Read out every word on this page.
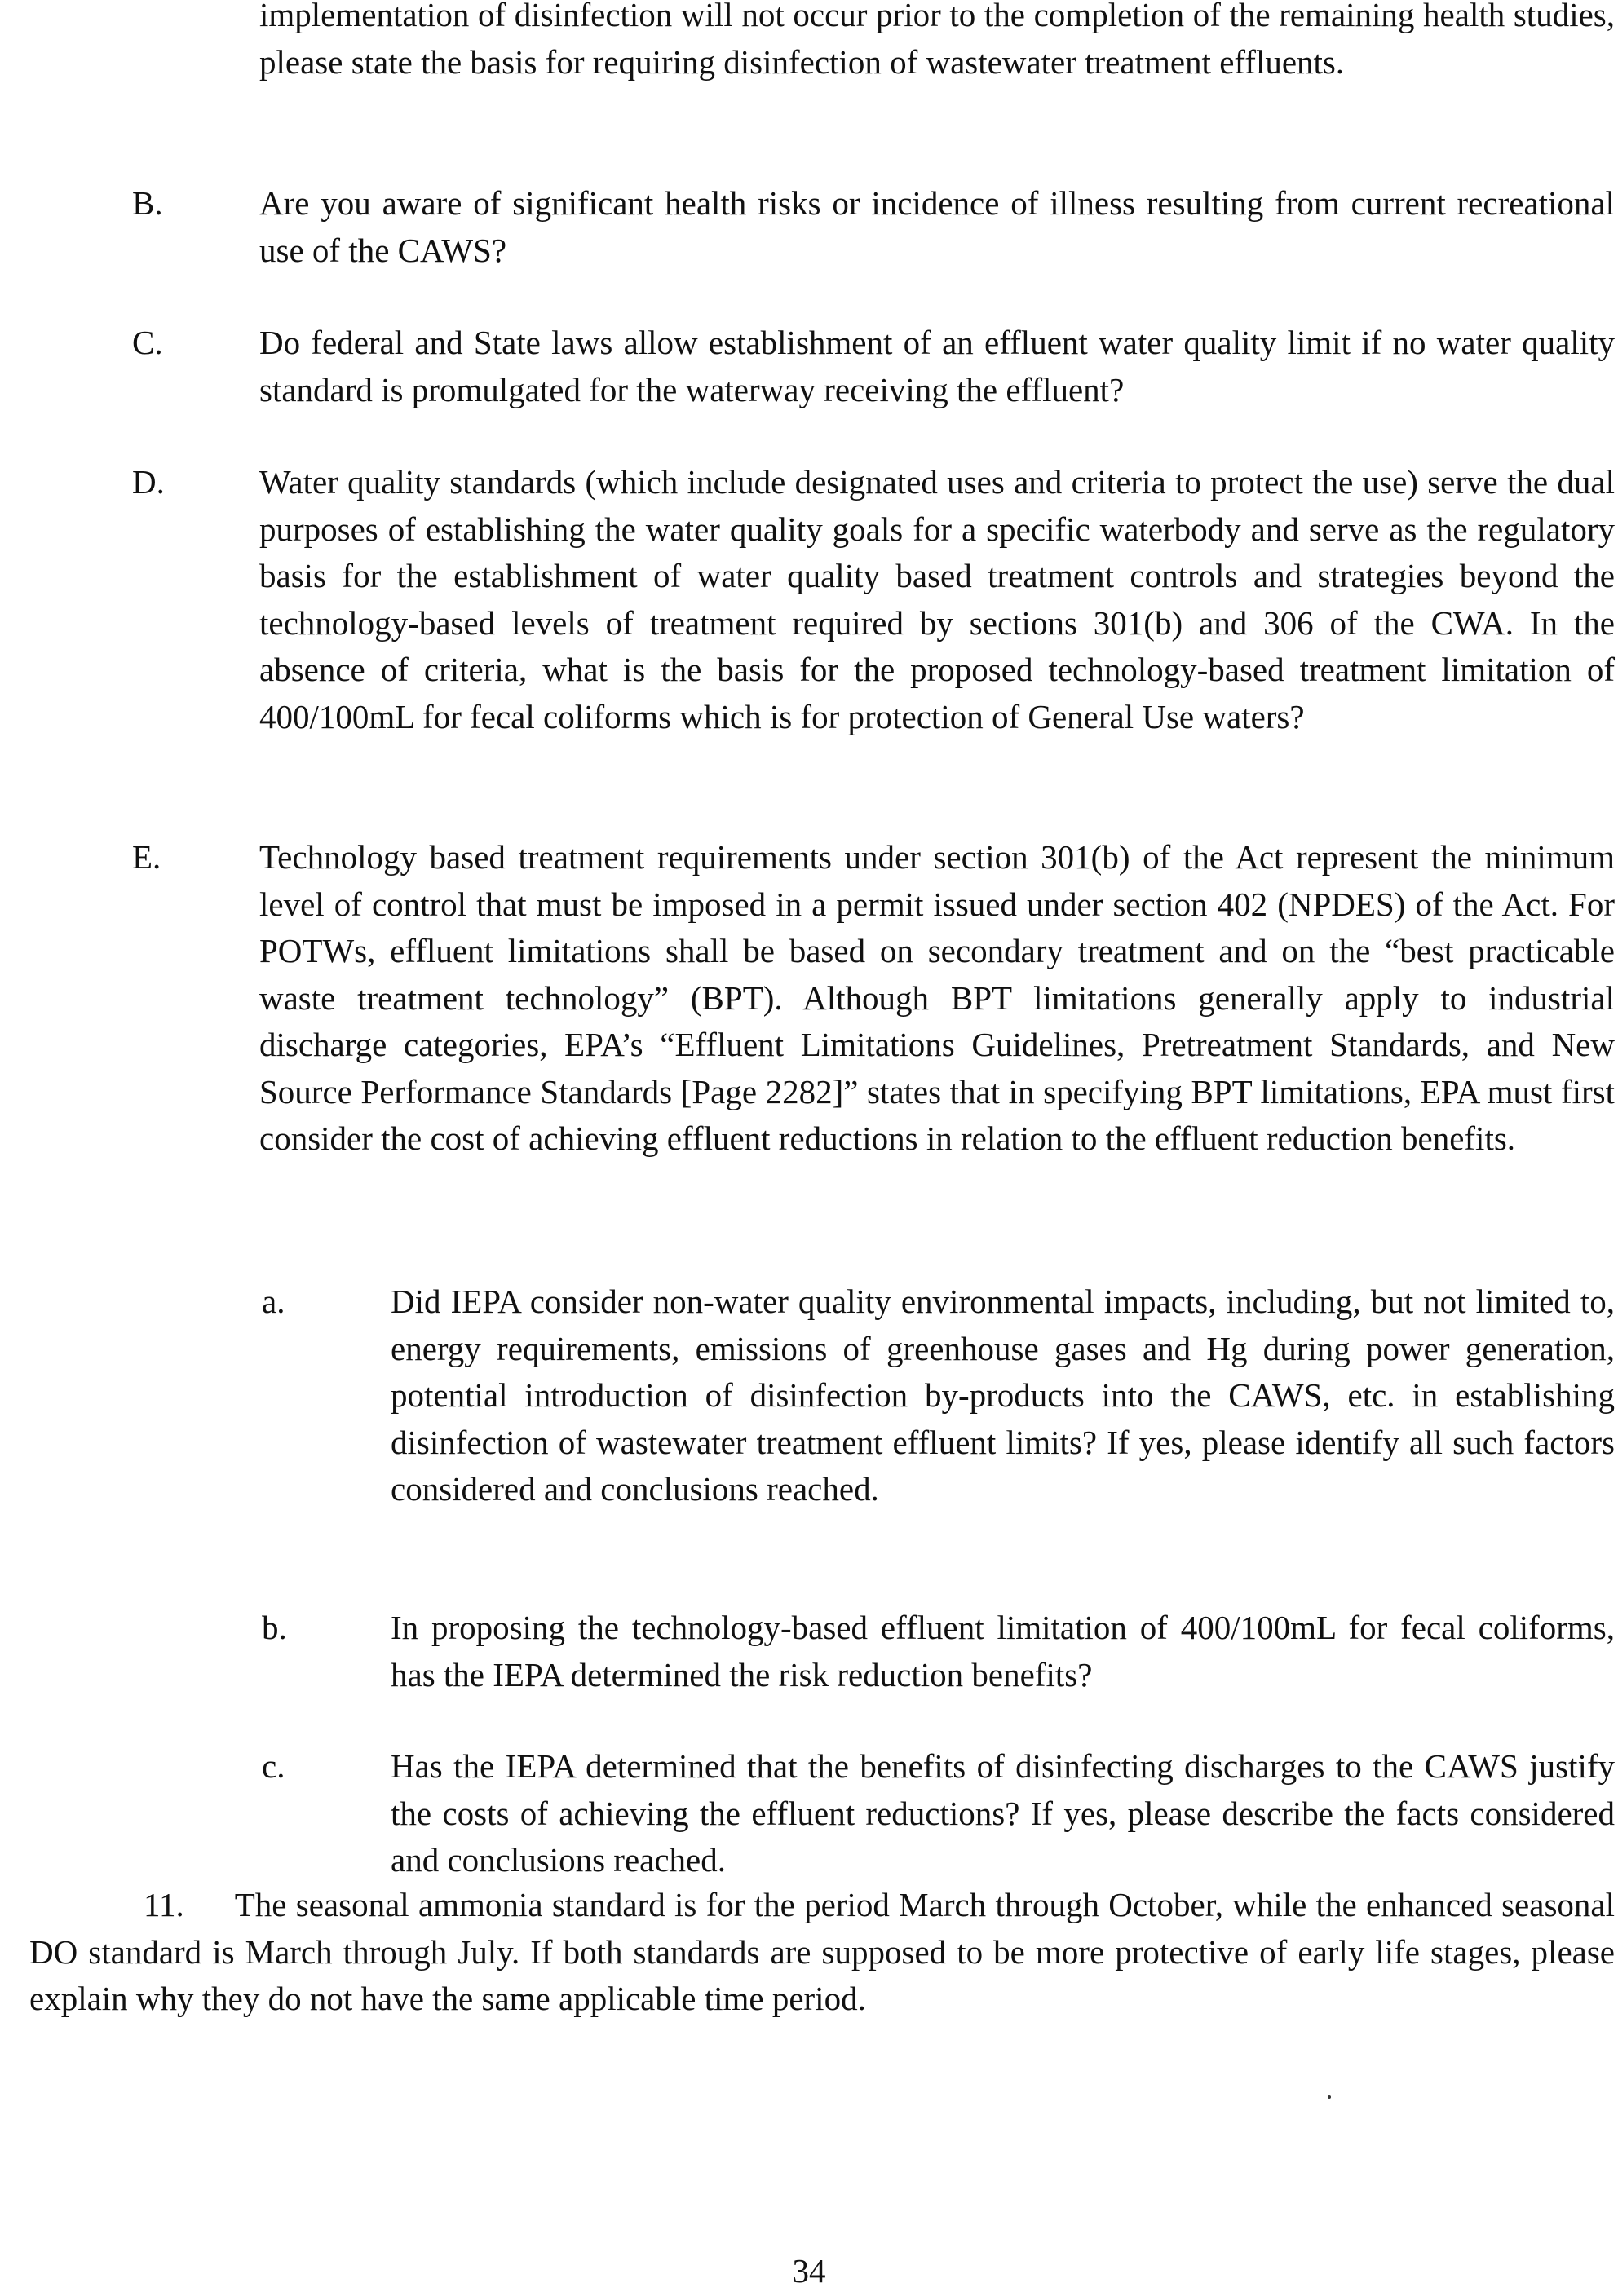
implementation of disinfection will not occur prior to the completion of the remaining health studies, please state the basis for requiring disinfection of wastewater treatment effluents.

B.	Are you aware of significant health risks or incidence of illness resulting from current recreational use of the CAWS?

C.	Do federal and State laws allow establishment of an effluent water quality limit if no water quality standard is promulgated for the waterway receiving the effluent?

D.	Water quality standards (which include designated uses and criteria to protect the use) serve the dual purposes of establishing the water quality goals for a specific waterbody and serve as the regulatory basis for the establishment of water quality based treatment controls and strategies beyond the technology-based levels of treatment required by sections 301(b) and 306 of the CWA. In the absence of criteria, what is the basis for the proposed technology-based treatment limitation of 400/100mL for fecal coliforms which is for protection of General Use waters?

E.	Technology based treatment requirements under section 301(b) of the Act represent the minimum level of control that must be imposed in a permit issued under section 402 (NPDES) of the Act. For POTWs, effluent limitations shall be based on secondary treatment and on the “best practicable waste treatment technology” (BPT). Although BPT limitations generally apply to industrial discharge categories, EPA’s “Effluent Limitations Guidelines, Pretreatment Standards, and New Source Performance Standards [Page 2282]” states that in specifying BPT limitations, EPA must first consider the cost of achieving effluent reductions in relation to the effluent reduction benefits.

a.	Did IEPA consider non-water quality environmental impacts, including, but not limited to, energy requirements, emissions of greenhouse gases and Hg during power generation, potential introduction of disinfection by-products into the CAWS, etc. in establishing disinfection of wastewater treatment effluent limits? If yes, please identify all such factors considered and conclusions reached.

b.	In proposing the technology-based effluent limitation of 400/100mL for fecal coliforms, has the IEPA determined the risk reduction benefits?

c.	Has the IEPA determined that the benefits of disinfecting discharges to the CAWS justify the costs of achieving the effluent reductions? If yes, please describe the facts considered and conclusions reached.

11. The seasonal ammonia standard is for the period March through October, while the enhanced seasonal DO standard is March through July. If both standards are supposed to be more protective of early life stages, please explain why they do not have the same applicable time period.

34
